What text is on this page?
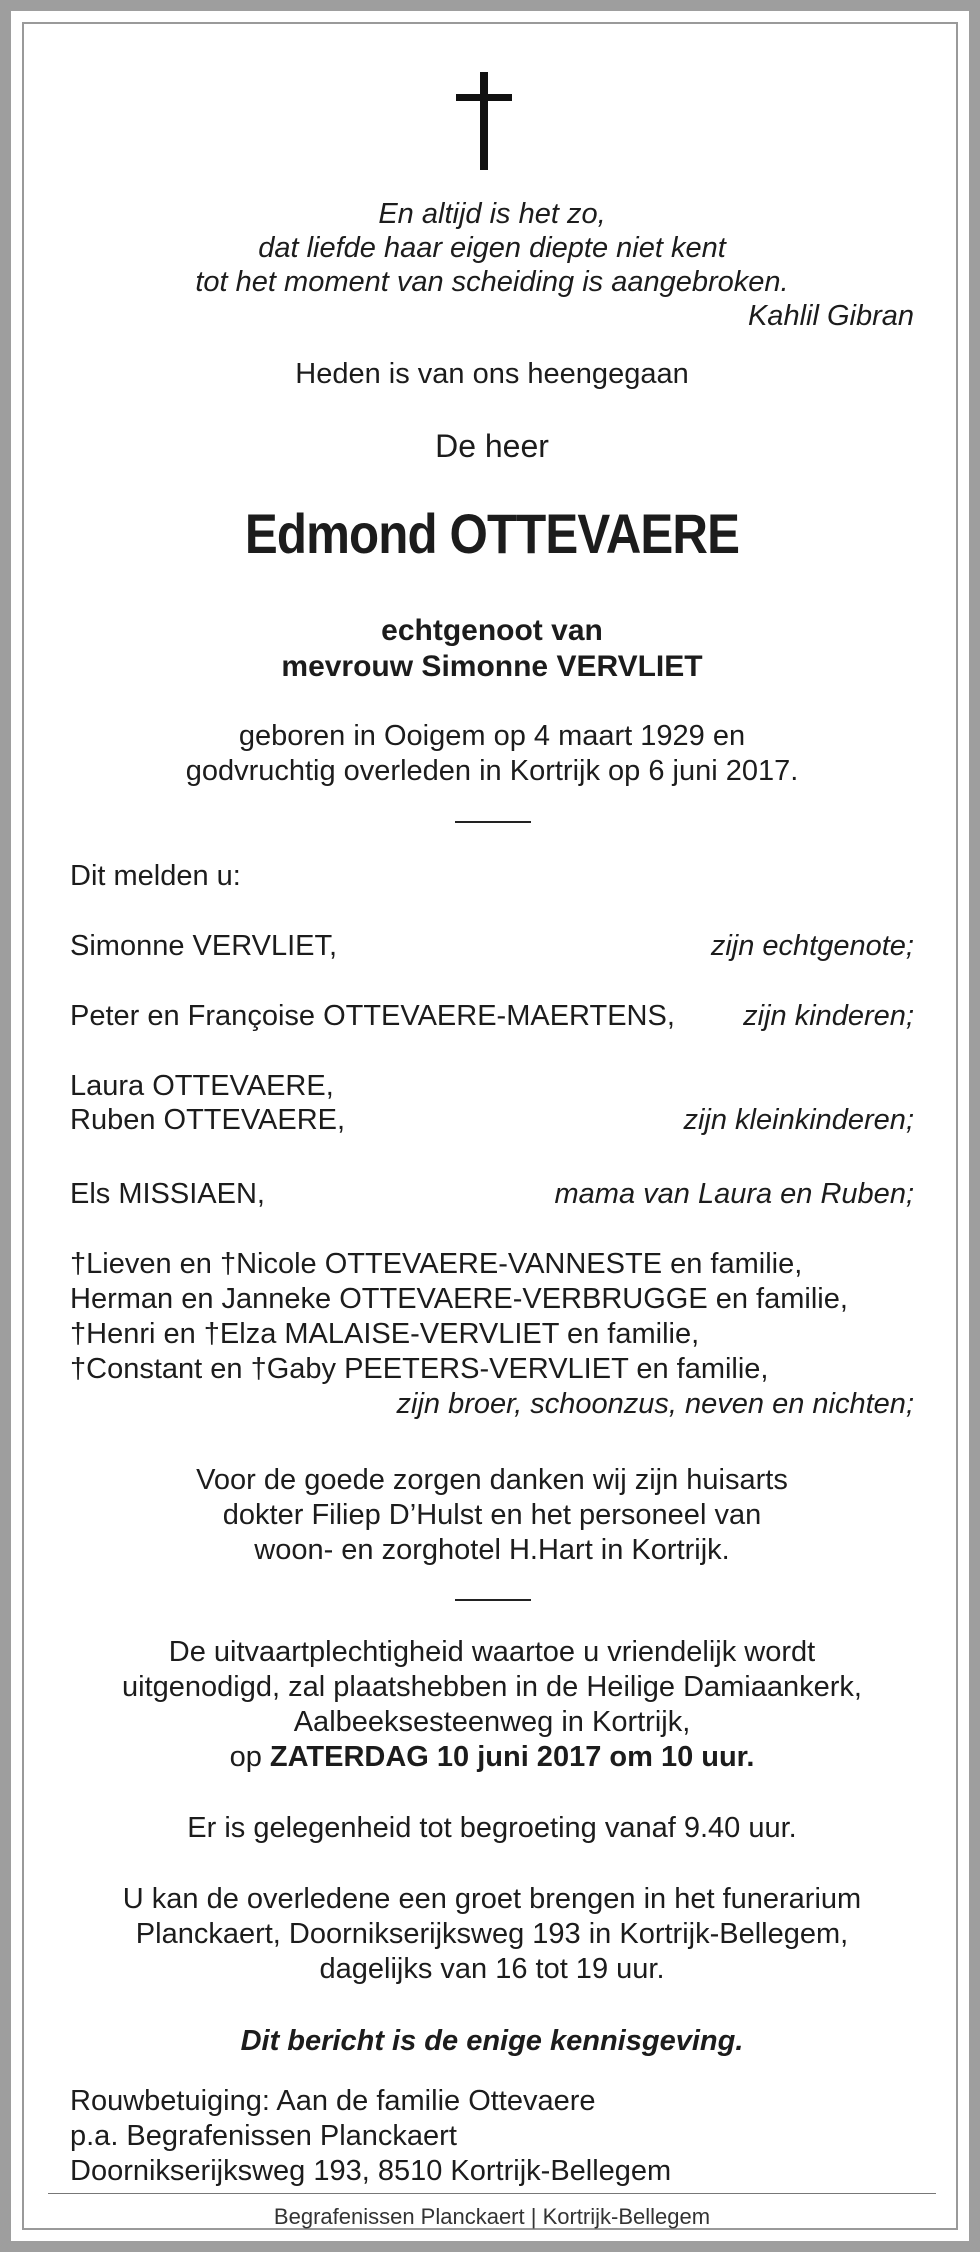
En altijd is het zo,

dat liefde haar eigen diepte niet kent

tot het moment van scheiding is aangebroken.

Kahlil Gibran

Heden is van ons heengegaan

De heer

Edmond OTTEVAERE

echtgenoot van

mevrouw Simonne VERVLIET

geboren in Ooigem op 4 maart 1929 en

godvruchtig overleden in Kortrijk op 6 juni 2017.

Dit melden u:

Simonne VERVLIET,	zijn echtgenote;

Peter en Françoise OTTEVAERE-MAERTENS, zijn kinderen;

Laura OTTEVAERE,

Ruben OTTEVAERE,	zijn kleinkinderen;

Els MISSIAEN,	mama van Laura en Ruben;

†Lieven en †Nicole OTTEVAERE-VANNESTE en familie,

Herman en Janneke OTTEVAERE-VERBRUGGE en familie,

†Henri en †Elza MALAISE-VERVLIET en familie,

†Constant en †Gaby PEETERS-VERVLIET en familie,

zijn broer, schoonzus, neven en nichten;

Voor de goede zorgen danken wij zijn huisarts

dokter Filiep D’Hulst en het personeel van

woon- en zorghotel H.Hart in Kortrijk.

De uitvaartplechtigheid waartoe u vriendelijk wordt

uitgenodigd, zal plaatshebben in de Heilige Damiaankerk,

Aalbeeksesteenweg in Kortrijk,

op ZATERDAG 10 juni 2017 om 10 uur.

Er is gelegenheid tot begroeting vanaf 9.40 uur.

U kan de overledene een groet brengen in het funerarium

Planckaert, Doornikserijksweg 193 in Kortrijk-Bellegem,

dagelijks van 16 tot 19 uur.

Dit bericht is de enige kennisgeving.

Rouwbetuiging: Aan de familie Ottevaere

p.a. Begrafenissen Planckaert

Doornikserijksweg 193, 8510 Kortrijk-Bellegem

Begrafenissen Planckaert | Kortrijk-Bellegem
